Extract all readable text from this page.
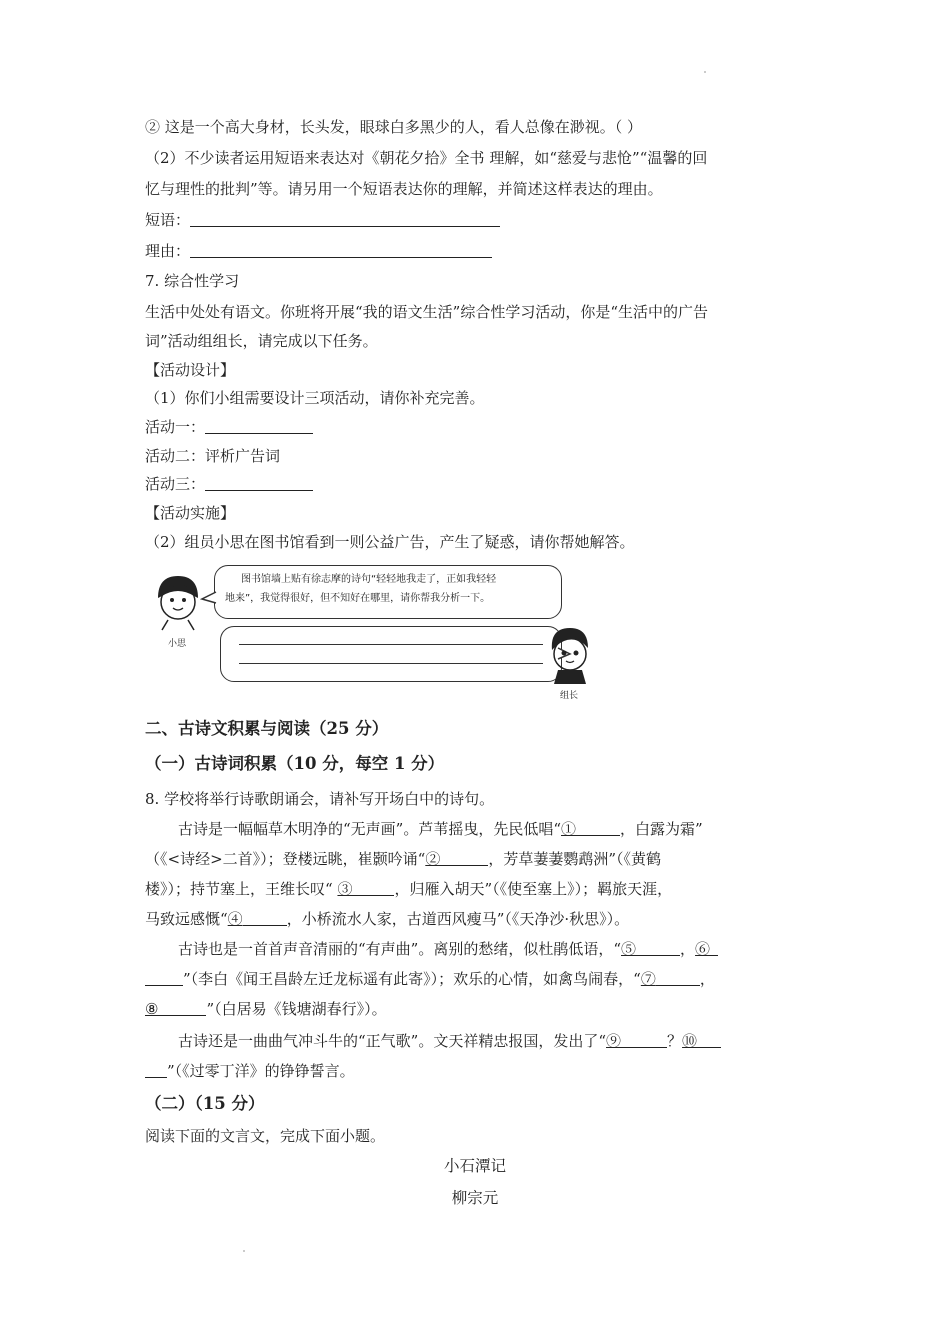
② 这是一个高大身材，长头发，眼球白多黑少的人，看人总像在渺视。（ ）
（2）不少读者运用短语来表达对《朝花夕拾》全书 理解，如“慈爱与悲怆”“温馨的回
忆与理性的批判”等。请另用一个短语表达你的理解，并简述这样表达的理由。
短语：
理由：
7. 综合性学习
生活中处处有语文。你班将开展“我的语文生活”综合性学习活动，你是“生活中的广告
词”活动组组长，请完成以下任务。
【活动设计】
（1）你们小组需要设计三项活动，请你补充完善。
活动一：
活动二：评析广告词
活动三：
【活动实施】
（2）组员小思在图书馆看到一则公益广告，产生了疑惑，请你帮她解答。
小思
图书馆墙上贴有徐志摩的诗句“轻轻地我走了，正如我轻轻
地来”，我觉得很好，但不知好在哪里，请你帮我分析一下。
组长
二、古诗文积累与阅读（25 分）
（一）古诗词积累（10 分，每空 1 分）
8. 学校将举行诗歌朗诵会，请补写开场白中的诗句。
古诗是一幅幅草木明净的“无声画”。芦苇摇曳，先民低唱“①	，白露为霜”
（《<诗经>二首》）；登楼远眺，崔颢吟诵“②	，芳草萋萋鹦鹉洲”（《黄鹤
楼》）；持节塞上，王维长叹“ ③	，归雁入胡天”（《使至塞上》）；羁旅天涯，
马致远感慨“④	，小桥流水人家，古道西风瘦马”（《天净沙·秋思》）。
古诗也是一首首声音清丽的“有声曲”。离别的愁绪，似杜鹃低语，“⑤	，⑥
”（李白《闻王昌龄左迁龙标遥有此寄》）；欢乐的心情，如禽鸟闹春，“⑦	，
⑧	”（白居易《钱塘湖春行》）。
古诗还是一曲曲气冲斗牛的“正气歌”。文天祥精忠报国，发出了“⑨	？⑩
”（《过零丁洋》的铮铮誓言。
（二）（15 分）
阅读下面的文言文，完成下面小题。
小石潭记
柳宗元
